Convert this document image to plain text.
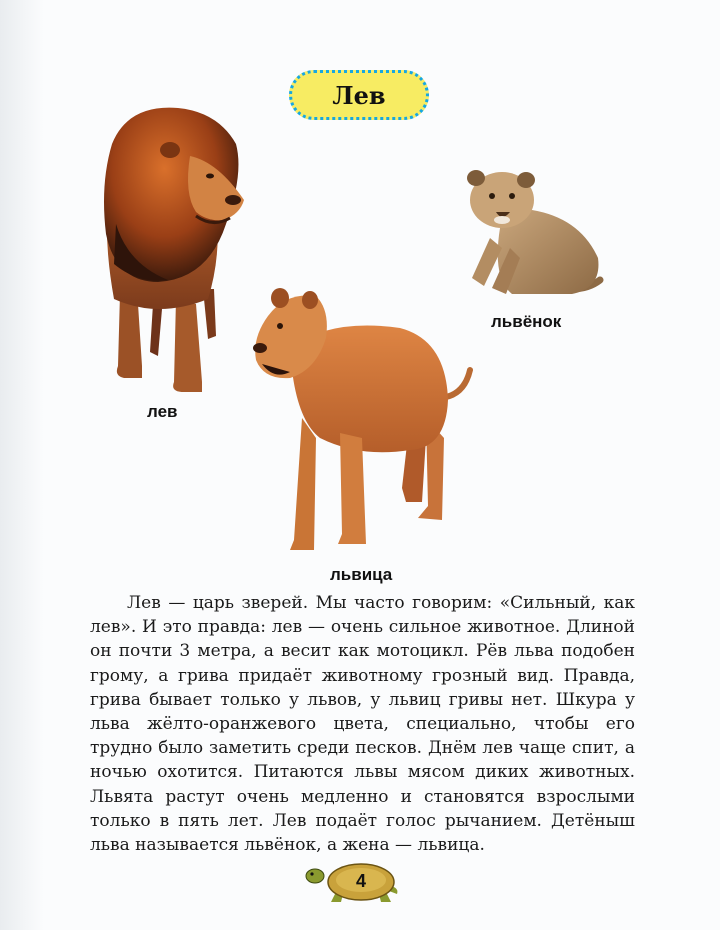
Лев
лев
львёнок
львица

Лев — царь зверей. Мы часто говорим: «Сильный, как лев». И это правда: лев — очень сильное животное. Длиной он почти 3 метра, а весит как мотоцикл. Рёв льва подобен грому, а грива придаёт животному грозный вид. Правда, грива бывает только у львов, у львиц гривы нет. Шкура у льва жёлто-оранжевого цвета, специально, чтобы его трудно было заметить среди песков. Днём лев чаще спит, а ночью охотится. Питаются львы мясом диких животных. Львята растут очень медленно и становятся взрослыми только в пять лет. Лев подаёт голос рычанием. Детёныш льва называется львёнок, а жена — львица.

4
